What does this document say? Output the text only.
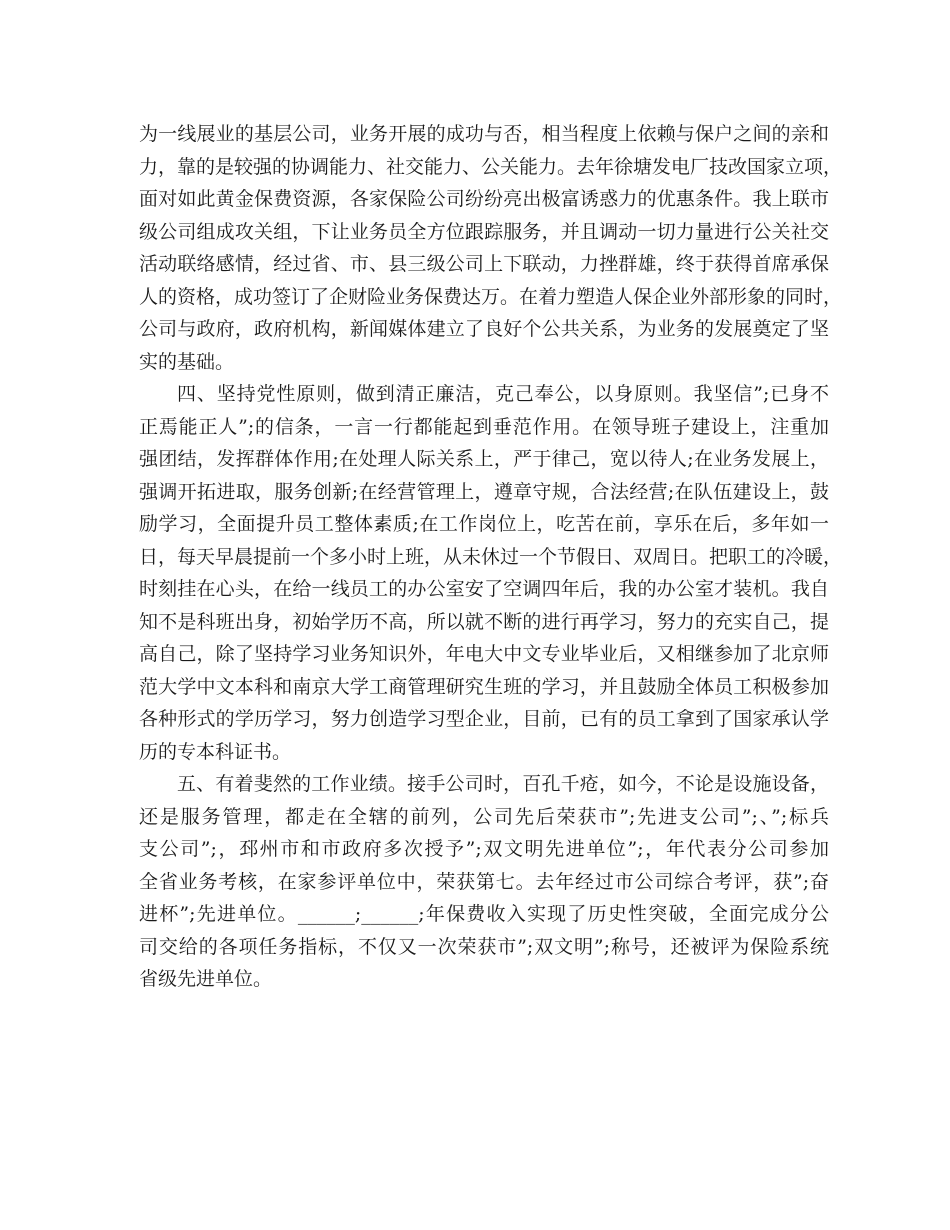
为一线展业的基层公司，业务开展的成功与否，相当程度上依赖与保户之间的亲和
力，靠的是较强的协调能力、社交能力、公关能力。去年徐塘发电厂技改国家立项，
面对如此黄金保费资源，各家保险公司纷纷亮出极富诱惑力的优惠条件。我上联市
级公司组成攻关组，下让业务员全方位跟踪服务，并且调动一切力量进行公关社交
活动联络感情，经过省、市、县三级公司上下联动，力挫群雄，终于获得首席承保
人的资格，成功签订了企财险业务保费达万。在着力塑造人保企业外部形象的同时，
公司与政府，政府机构，新闻媒体建立了良好个公共关系，为业务的发展奠定了坚
实的基础。
四、坚持党性原则，做到清正廉洁，克己奉公，以身原则。我坚信”;已身不
正焉能正人”;的信条，一言一行都能起到垂范作用。在领导班子建设上，注重加
强团结，发挥群体作用;在处理人际关系上，严于律己，宽以待人;在业务发展上，
强调开拓进取，服务创新;在经营管理上，遵章守规，合法经营;在队伍建设上，鼓
励学习，全面提升员工整体素质;在工作岗位上，吃苦在前，享乐在后，多年如一
日，每天早晨提前一个多小时上班，从未休过一个节假日、双周日。把职工的冷暖，
时刻挂在心头，在给一线员工的办公室安了空调四年后，我的办公室才装机。我自
知不是科班出身，初始学历不高，所以就不断的进行再学习，努力的充实自己，提
高自己，除了坚持学习业务知识外，年电大中文专业毕业后，又相继参加了北京师
范大学中文本科和南京大学工商管理研究生班的学习，并且鼓励全体员工积极参加
各种形式的学历学习，努力创造学习型企业，目前，已有的员工拿到了国家承认学
历的专本科证书。
五、有着斐然的工作业绩。接手公司时，百孔千疮，如今，不论是设施设备，
还是服务管理，都走在全辖的前列，公司先后荣获市”;先进支公司”;、”;标兵
支公司”;，邳州市和市政府多次授予”;双文明先进单位”;，年代表分公司参加
全省业务考核，在家参评单位中，荣获第七。去年经过市公司综合考评，获”;奋
进杯”;先进单位。______;______;年保费收入实现了历史性突破，全面完成分公
司交给的各项任务指标，不仅又一次荣获市”;双文明”;称号，还被评为保险系统
省级先进单位。
